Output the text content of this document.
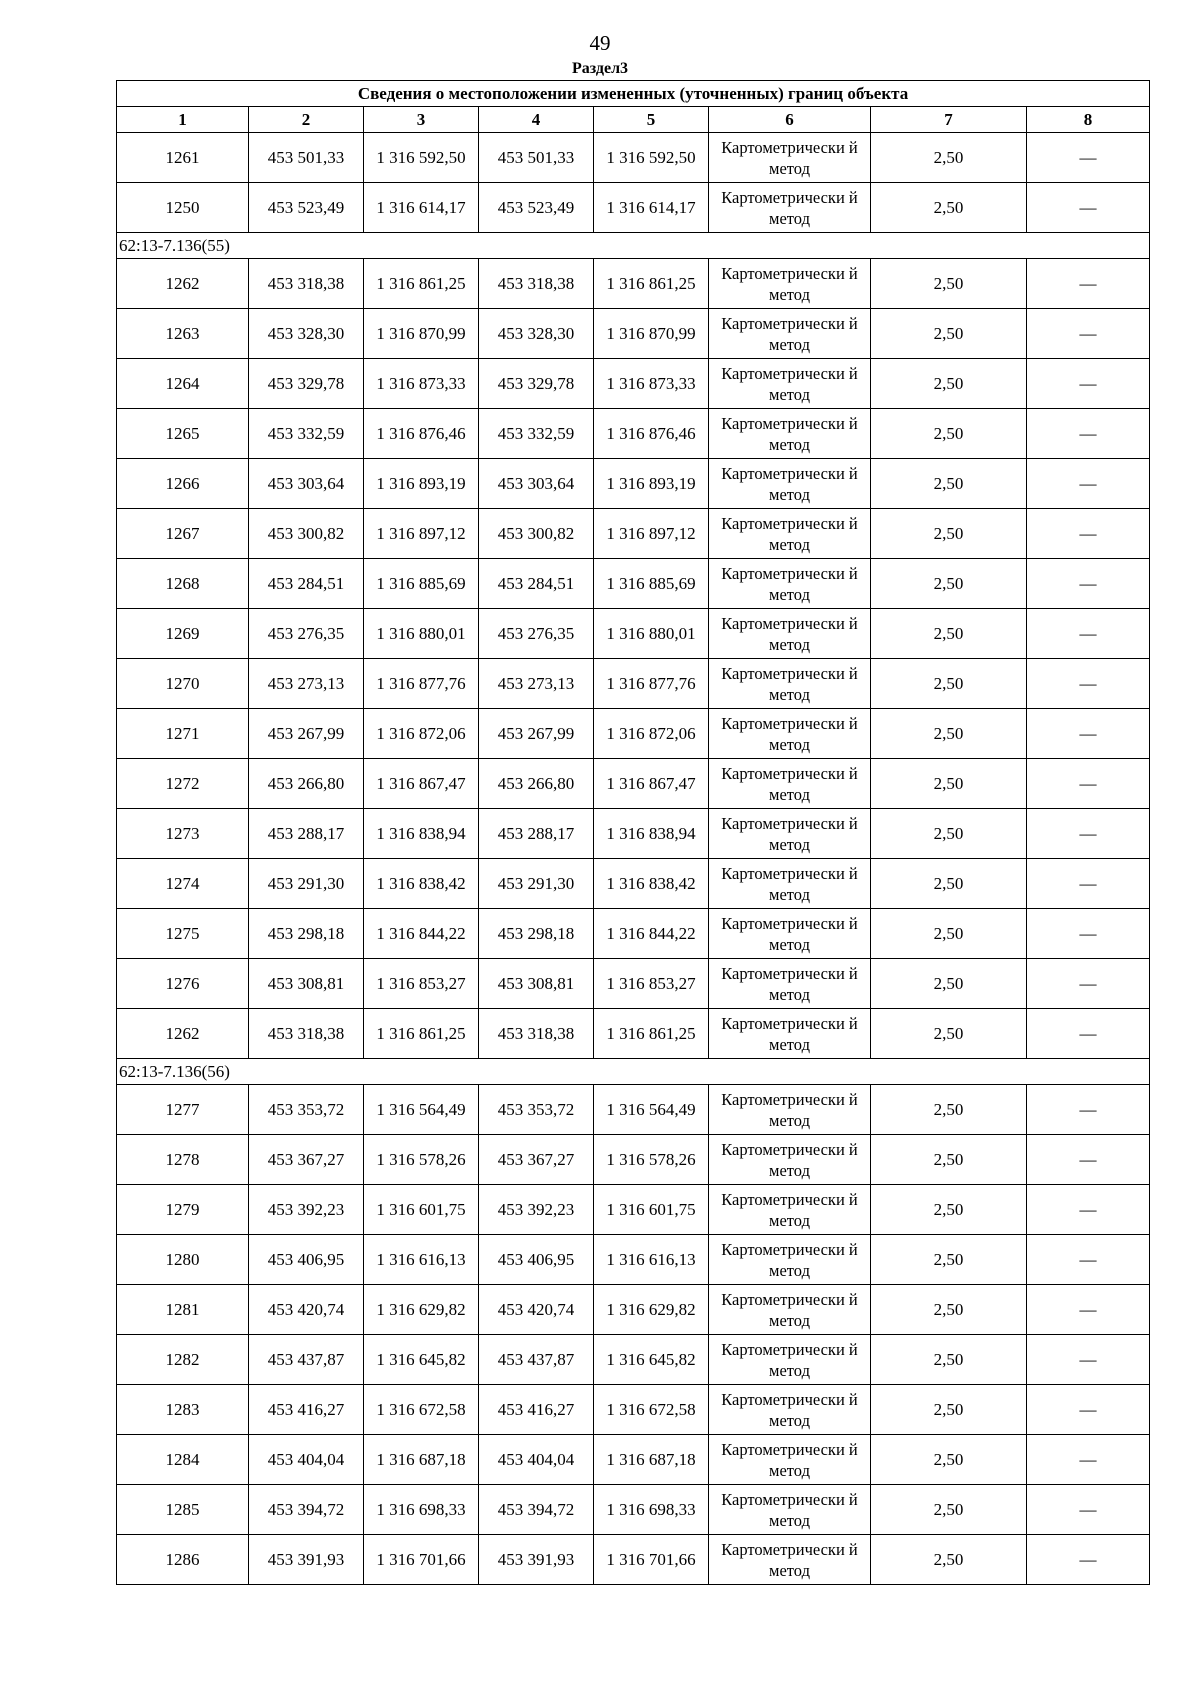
49
Раздел3
Сведения о местоположении измененных (уточненных) границ объекта							
1	2	3	4	5	6	7	8
1261	453 501,33	1 316 592,50	453 501,33	1 316 592,50	Картометрически й метод	2,50	—
1250	453 523,49	1 316 614,17	453 523,49	1 316 614,17	Картометрически й метод	2,50	—
62:13-7.136(55)							
1262	453 318,38	1 316 861,25	453 318,38	1 316 861,25	Картометрически й метод	2,50	—
1263	453 328,30	1 316 870,99	453 328,30	1 316 870,99	Картометрически й метод	2,50	—
1264	453 329,78	1 316 873,33	453 329,78	1 316 873,33	Картометрически й метод	2,50	—
1265	453 332,59	1 316 876,46	453 332,59	1 316 876,46	Картометрически й метод	2,50	—
1266	453 303,64	1 316 893,19	453 303,64	1 316 893,19	Картометрически й метод	2,50	—
1267	453 300,82	1 316 897,12	453 300,82	1 316 897,12	Картометрически й метод	2,50	—
1268	453 284,51	1 316 885,69	453 284,51	1 316 885,69	Картометрически й метод	2,50	—
1269	453 276,35	1 316 880,01	453 276,35	1 316 880,01	Картометрически й метод	2,50	—
1270	453 273,13	1 316 877,76	453 273,13	1 316 877,76	Картометрически й метод	2,50	—
1271	453 267,99	1 316 872,06	453 267,99	1 316 872,06	Картометрически й метод	2,50	—
1272	453 266,80	1 316 867,47	453 266,80	1 316 867,47	Картометрически й метод	2,50	—
1273	453 288,17	1 316 838,94	453 288,17	1 316 838,94	Картометрически й метод	2,50	—
1274	453 291,30	1 316 838,42	453 291,30	1 316 838,42	Картометрически й метод	2,50	—
1275	453 298,18	1 316 844,22	453 298,18	1 316 844,22	Картометрически й метод	2,50	—
1276	453 308,81	1 316 853,27	453 308,81	1 316 853,27	Картометрически й метод	2,50	—
1262	453 318,38	1 316 861,25	453 318,38	1 316 861,25	Картометрически й метод	2,50	—
62:13-7.136(56)							
1277	453 353,72	1 316 564,49	453 353,72	1 316 564,49	Картометрически й метод	2,50	—
1278	453 367,27	1 316 578,26	453 367,27	1 316 578,26	Картометрически й метод	2,50	—
1279	453 392,23	1 316 601,75	453 392,23	1 316 601,75	Картометрически й метод	2,50	—
1280	453 406,95	1 316 616,13	453 406,95	1 316 616,13	Картометрически й метод	2,50	—
1281	453 420,74	1 316 629,82	453 420,74	1 316 629,82	Картометрически й метод	2,50	—
1282	453 437,87	1 316 645,82	453 437,87	1 316 645,82	Картометрически й метод	2,50	—
1283	453 416,27	1 316 672,58	453 416,27	1 316 672,58	Картометрически й метод	2,50	—
1284	453 404,04	1 316 687,18	453 404,04	1 316 687,18	Картометрически й метод	2,50	—
1285	453 394,72	1 316 698,33	453 394,72	1 316 698,33	Картометрически й метод	2,50	—
1286	453 391,93	1 316 701,66	453 391,93	1 316 701,66	Картометрически й метод	2,50	—
